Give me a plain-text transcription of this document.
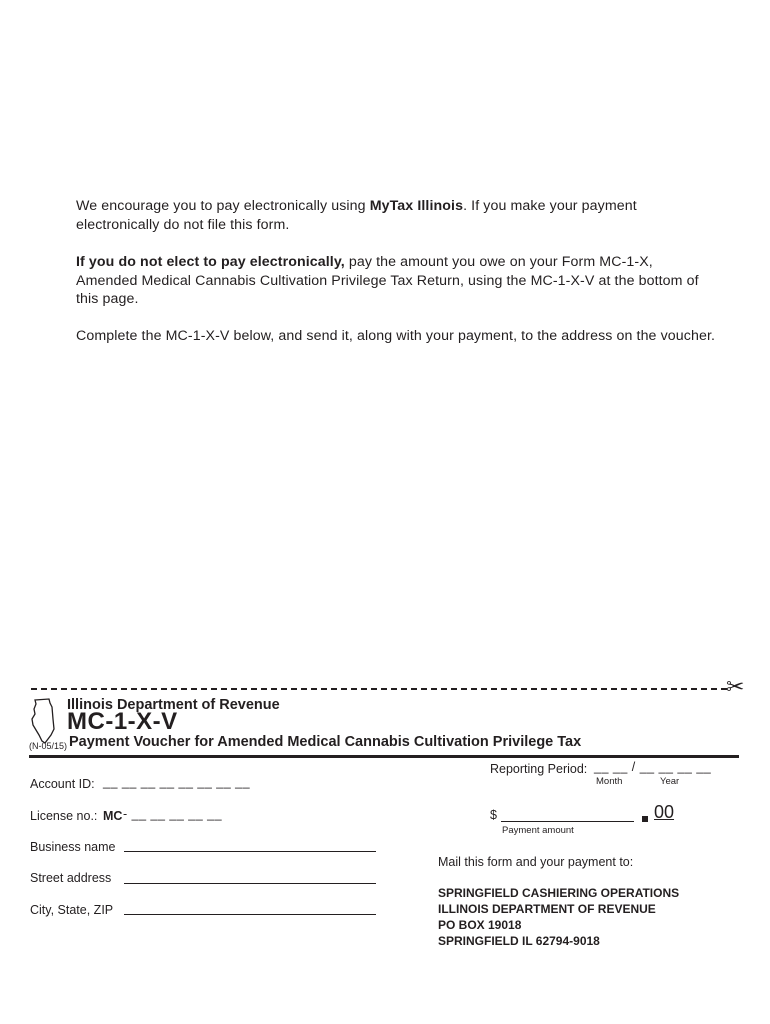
We encourage you to pay electronically using MyTax Illinois. If you make your payment electronically do not file this form.

If you do not elect to pay electronically, pay the amount you owe on your Form MC-1-X, Amended Medical Cannabis Cultivation Privilege Tax Return, using the MC-1-X-V at the bottom of this page.

Complete the MC-1-X-V below, and send it, along with your payment, to the address on the voucher.

✂
Illinois Department of Revenue
MC-1-X-V
(N-05/15) Payment Voucher for Amended Medical Cannabis Cultivation Privilege Tax
Account ID: __ __ __ __ __ __ __ __
License no.: MC - __ __ __ __ __
Business name
Street address
City, State, ZIP
Reporting Period: __ __ / __ __ __ __
Month	Year
$	00
Payment amount
Mail this form and your payment to:
SPRINGFIELD CASHIERING OPERATIONS
ILLINOIS DEPARTMENT OF REVENUE
PO BOX 19018
SPRINGFIELD IL 62794-9018
